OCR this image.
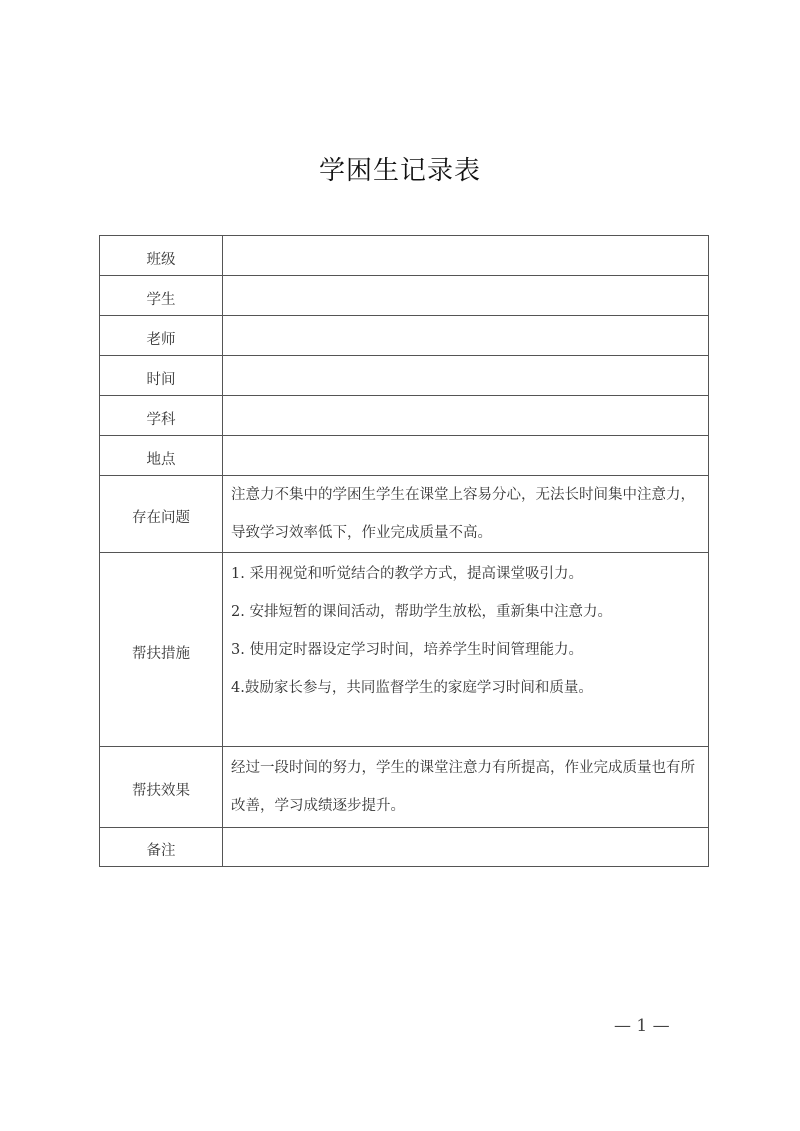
学困生记录表
班级	
学生	
老师	
时间	
学科	
地点	
存在问题	注意力不集中的学困生学生在课堂上容易分心，无法长时间集中注意力，导致学习效率低下，作业完成质量不高。

帮扶措施	1. 采用视觉和听觉结合的教学方式，提高课堂吸引力。
2. 安排短暂的课间活动，帮助学生放松，重新集中注意力。
3. 使用定时器设定学习时间，培养学生时间管理能力。
4.鼓励家长参与，共同监督学生的家庭学习时间和质量。

帮扶效果	经过一段时间的努力，学生的课堂注意力有所提高，作业完成质量也有所改善，学习成绩逐步提升。

备注	
— 1 —
